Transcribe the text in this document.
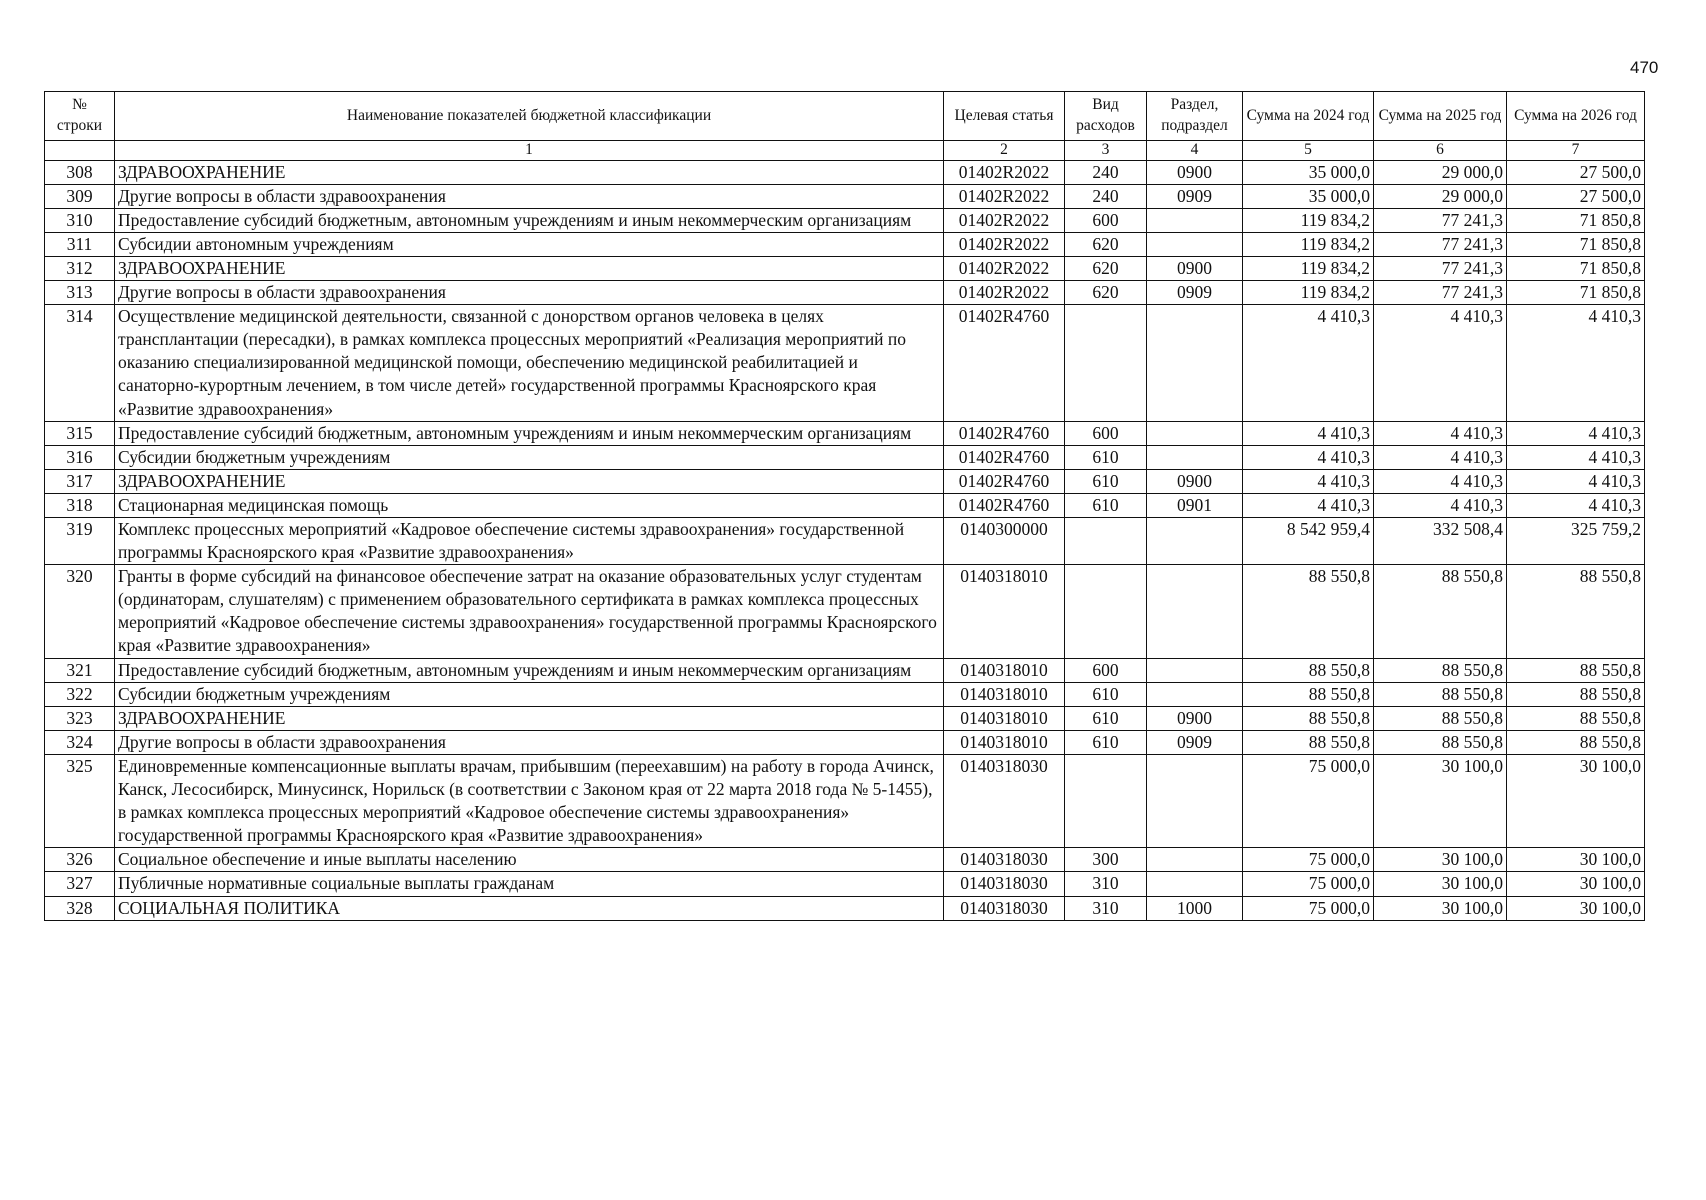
470
№ строки	Наименование показателей бюджетной классификации	Целевая статья	Вид расходов	Раздел, подраздел	Сумма на 2024 год	Сумма на 2025 год	Сумма на 2026 год
	1	2	3	4	5	6	7
308	ЗДРАВООХРАНЕНИЕ	01402R2022	240	0900	35 000,0	29 000,0	27 500,0
309	Другие вопросы в области здравоохранения	01402R2022	240	0909	35 000,0	29 000,0	27 500,0
310	Предоставление субсидий бюджетным, автономным учреждениям и иным некоммерческим организациям	01402R2022	600		119 834,2	77 241,3	71 850,8
311	Субсидии автономным учреждениям	01402R2022	620		119 834,2	77 241,3	71 850,8
312	ЗДРАВООХРАНЕНИЕ	01402R2022	620	0900	119 834,2	77 241,3	71 850,8
313	Другие вопросы в области здравоохранения	01402R2022	620	0909	119 834,2	77 241,3	71 850,8
314	Осуществление медицинской деятельности, связанной с донорством органов человека в целях трансплантации (пересадки), в рамках комплекса процессных мероприятий «Реализация мероприятий по оказанию специализированной медицинской помощи, обеспечению медицинской реабилитацией и санаторно-курортным лечением, в том числе детей» государственной программы Красноярского края «Развитие здравоохранения»	01402R4760			4 410,3	4 410,3	4 410,3
315	Предоставление субсидий бюджетным, автономным учреждениям и иным некоммерческим организациям	01402R4760	600		4 410,3	4 410,3	4 410,3
316	Субсидии бюджетным учреждениям	01402R4760	610		4 410,3	4 410,3	4 410,3
317	ЗДРАВООХРАНЕНИЕ	01402R4760	610	0900	4 410,3	4 410,3	4 410,3
318	Стационарная медицинская помощь	01402R4760	610	0901	4 410,3	4 410,3	4 410,3
319	Комплекс процессных мероприятий «Кадровое обеспечение системы здравоохранения» государственной программы Красноярского края «Развитие здравоохранения»	0140300000			8 542 959,4	332 508,4	325 759,2
320	Гранты в форме субсидий на финансовое обеспечение затрат на оказание образовательных услуг студентам (ординаторам, слушателям) с применением образовательного сертификата в рамках комплекса процессных мероприятий «Кадровое обеспечение системы здравоохранения» государственной программы Красноярского края «Развитие здравоохранения»	0140318010			88 550,8	88 550,8	88 550,8
321	Предоставление субсидий бюджетным, автономным учреждениям и иным некоммерческим организациям	0140318010	600		88 550,8	88 550,8	88 550,8
322	Субсидии бюджетным учреждениям	0140318010	610		88 550,8	88 550,8	88 550,8
323	ЗДРАВООХРАНЕНИЕ	0140318010	610	0900	88 550,8	88 550,8	88 550,8
324	Другие вопросы в области здравоохранения	0140318010	610	0909	88 550,8	88 550,8	88 550,8
325	Единовременные компенсационные выплаты врачам, прибывшим (переехавшим) на работу в города Ачинск, Канск, Лесосибирск, Минусинск, Норильск (в соответствии с Законом края от 22 марта 2018 года № 5-1455), в рамках комплекса процессных мероприятий «Кадровое обеспечение системы здравоохранения» государственной программы Красноярского края «Развитие здравоохранения»	0140318030			75 000,0	30 100,0	30 100,0
326	Социальное обеспечение и иные выплаты населению	0140318030	300		75 000,0	30 100,0	30 100,0
327	Публичные нормативные социальные выплаты гражданам	0140318030	310		75 000,0	30 100,0	30 100,0
328	СОЦИАЛЬНАЯ ПОЛИТИКА	0140318030	310	1000	75 000,0	30 100,0	30 100,0
